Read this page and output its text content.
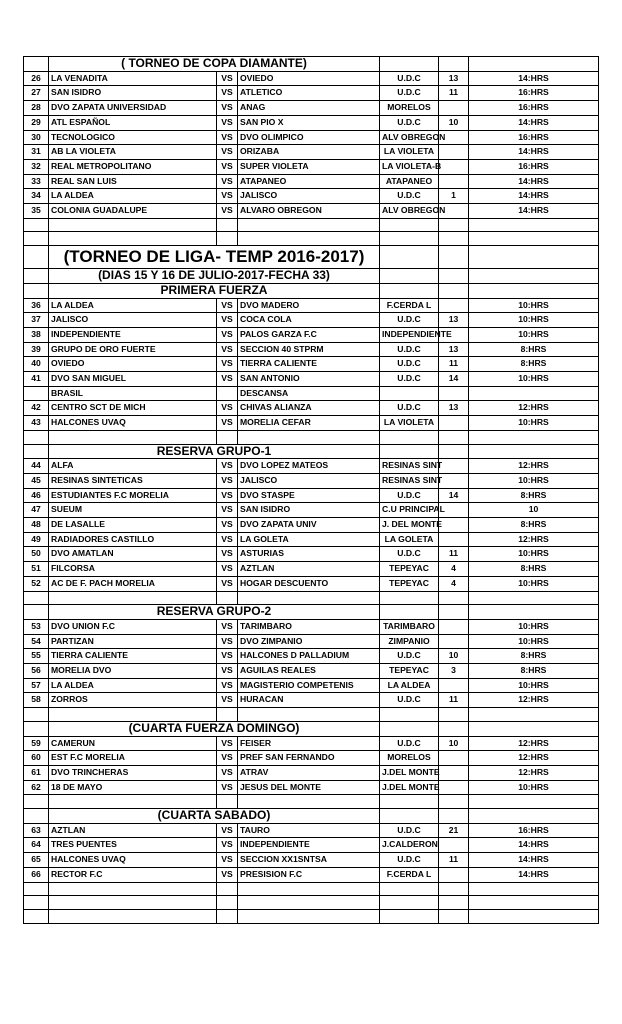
	( TORNEO DE COPA DIAMANTE)					
26	LA VENADITA	VS	OVIEDO	U.D.C	13	14:HRS
27	SAN ISIDRO	VS	ATLETICO	U.D.C	11	16:HRS
28	DVO ZAPATA UNIVERSIDAD	VS	ANAG	MORELOS		16:HRS
29	ATL ESPAÑOL	VS	SAN PIO X	U.D.C	10	14:HRS
30	TECNOLOGICO	VS	DVO OLIMPICO	ALV OBREGON		16:HRS
31	AB LA VIOLETA	VS	ORIZABA	LA VIOLETA		14:HRS
32	REAL METROPOLITANO	VS	SUPER VIOLETA	LA VIOLETA-B		16:HRS
33	REAL SAN LUIS	VS	ATAPANEO	ATAPANEO		14:HRS
34	LA ALDEA	VS	JALISCO	U.D.C	1	14:HRS
35	COLONIA GUADALUPE	VS	ALVARO OBREGON	ALV OBREGON		14:HRS

	(TORNEO DE LIGA- TEMP 2016-2017)					
	(DIAS 15 Y 16 DE JULIO-2017-FECHA 33)					
	PRIMERA FUERZA					
36	LA ALDEA	VS	DVO MADERO	F.CERDA L		10:HRS
37	JALISCO	VS	COCA COLA	U.D.C	13	10:HRS
38	INDEPENDIENTE	VS	PALOS GARZA F.C	INDEPENDIENTE		10:HRS
39	GRUPO DE ORO FUERTE	VS	SECCION 40 STPRM	U.D.C	13	8:HRS
40	OVIEDO	VS	TIERRA CALIENTE	U.D.C	11	8:HRS
41	DVO SAN MIGUEL	VS	SAN ANTONIO	U.D.C	14	10:HRS
	BRASIL		DESCANSA			
42	CENTRO SCT DE MICH	VS	CHIVAS ALIANZA	U.D.C	13	12:HRS
43	HALCONES UVAQ	VS	MORELIA CEFAR	LA VIOLETA		10:HRS

	RESERVA GRUPO-1					
44	ALFA	VS	DVO LOPEZ MATEOS	RESINAS SINT		12:HRS
45	RESINAS SINTETICAS	VS	JALISCO	RESINAS SINT		10:HRS
46	ESTUDIANTES F.C MORELIA	VS	DVO STASPE	U.D.C	14	8:HRS
47	SUEUM	VS	SAN ISIDRO	C.U PRINCIPAL		10
48	DE LASALLE	VS	DVO ZAPATA UNIV	J. DEL MONTE		8:HRS
49	RADIADORES CASTILLO	VS	LA GOLETA	LA GOLETA		12:HRS
50	DVO AMATLAN	VS	ASTURIAS	U.D.C	11	10:HRS
51	FILCORSA	VS	AZTLAN	TEPEYAC	4	8:HRS
52	AC DE F. PACH MORELIA	VS	HOGAR DESCUENTO	TEPEYAC	4	10:HRS

	RESERVA GRUPO-2					
53	DVO UNION F.C	VS	TARIMBARO	TARIMBARO		10:HRS
54	PARTIZAN	VS	DVO ZIMPANIO	ZIMPANIO		10:HRS
55	TIERRA CALIENTE	VS	HALCONES D PALLADIUM	U.D.C	10	8:HRS
56	MORELIA DVO	VS	AGUILAS REALES	TEPEYAC	3	8:HRS
57	LA ALDEA	VS	MAGISTERIO COMPETENIS	LA ALDEA		10:HRS
58	ZORROS	VS	HURACAN	U.D.C	11	12:HRS

	(CUARTA FUERZA DOMINGO)					
59	CAMERUN	VS	FEISER	U.D.C	10	12:HRS
60	EST F.C MORELIA	VS	PREF SAN FERNANDO	MORELOS		12:HRS
61	DVO TRINCHERAS	VS	ATRAV	J.DEL MONTE		12:HRS
62	18 DE MAYO	VS	JESUS DEL MONTE	J.DEL MONTE		10:HRS

	(CUARTA SABADO)					
63	AZTLAN	VS	TAURO	U.D.C	21	16:HRS
64	TRES PUENTES	VS	INDEPENDIENTE	J.CALDERON		14:HRS
65	HALCONES UVAQ	VS	SECCION XX1SNTSA	U.D.C	11	14:HRS
66	RECTOR F.C	VS	PRESISION F.C	F.CERDA L		14:HRS
